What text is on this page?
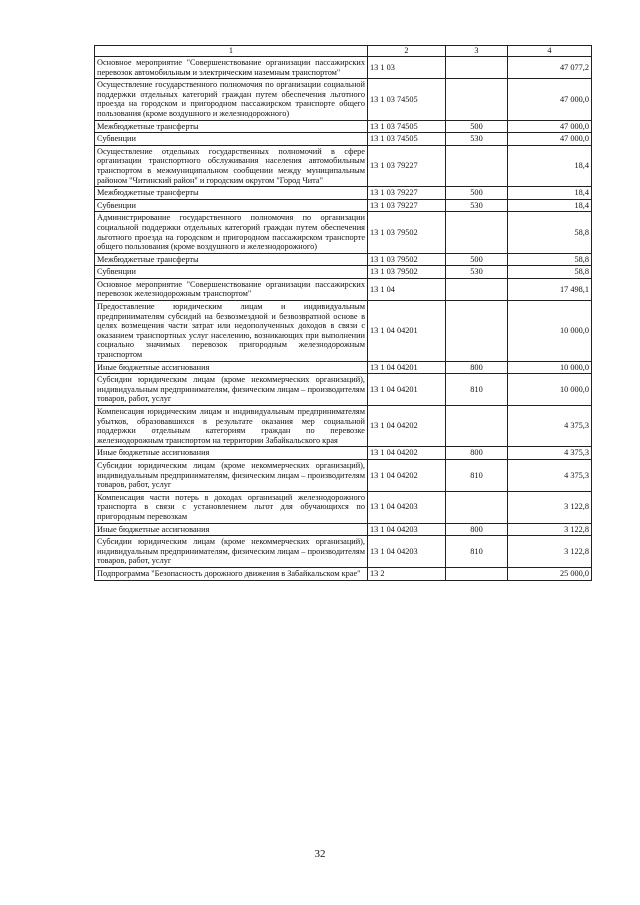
1	2	3	4
Основное мероприятие "Совершенствование организации пассажирских перевозок автомобильным и электрическим наземным транспортом"	13 1 03		47 077,2
Осуществление государственного полномочия по организации социальной поддержки отдельных категорий граждан путем обеспечения льготного проезда на городском и пригородном пассажирском транспорте общего пользования (кроме воздушного и железнодорожного)	13 1 03 74505		47 000,0
Межбюджетные трансферты	13 1 03 74505	500	47 000,0
Субвенции	13 1 03 74505	530	47 000,0
Осуществление отдельных государственных полномочий в сфере организации транспортного обслуживания населения автомобильным транспортом в межмуниципальном сообщении между муниципальным районом "Читинский район" и городским округом "Город Чита"	13 1 03 79227		18,4
Межбюджетные трансферты	13 1 03 79227	500	18,4
Субвенции	13 1 03 79227	530	18,4
Администрирование государственного полномочия по организации социальной поддержки отдельных категорий граждан путем обеспечения льготного проезда на городском и пригородном пассажирском транспорте общего пользования (кроме воздушного и железнодорожного)	13 1 03 79502		58,8
Межбюджетные трансферты	13 1 03 79502	500	58,8
Субвенции	13 1 03 79502	530	58,8
Основное мероприятие "Совершенствование организации пассажирских перевозок железнодорожным транспортом"	13 1 04		17 498,1
Предоставление юридическим лицам и индивидуальным предпринимателям субсидий на безвозмездной и безвозвратной основе в целях возмещения части затрат или недополученных доходов в связи с оказанием транспортных услуг населению, возникающих при выполнении социально значимых перевозок пригородным железнодорожным транспортом	13 1 04 04201		10 000,0
Иные бюджетные ассигнования	13 1 04 04201	800	10 000,0
Субсидии юридическим лицам (кроме некоммерческих организаций), индивидуальным предпринимателям, физическим лицам – производителям товаров, работ, услуг	13 1 04 04201	810	10 000,0
Компенсация юридическим лицам и индивидуальным предпринимателям убытков, образовавшихся в результате оказания мер социальной поддержки отдельным категориям граждан по перевозке железнодорожным транспортом на территории Забайкальского края	13 1 04 04202		4 375,3
Иные бюджетные ассигнования	13 1 04 04202	800	4 375,3
Субсидии юридическим лицам (кроме некоммерческих организаций), индивидуальным предпринимателям, физическим лицам – производителям товаров, работ, услуг	13 1 04 04202	810	4 375,3
Компенсация части потерь в доходах организаций железнодорожного транспорта в связи с установлением льгот для обучающихся по пригородным перевозкам	13 1 04 04203		3 122,8
Иные бюджетные ассигнования	13 1 04 04203	800	3 122,8
Субсидии юридическим лицам (кроме некоммерческих организаций), индивидуальным предпринимателям, физическим лицам – производителям товаров, работ, услуг	13 1 04 04203	810	3 122,8
Подпрограмма "Безопасность дорожного движения в Забайкальском крае"	13 2		25 000,0
32
